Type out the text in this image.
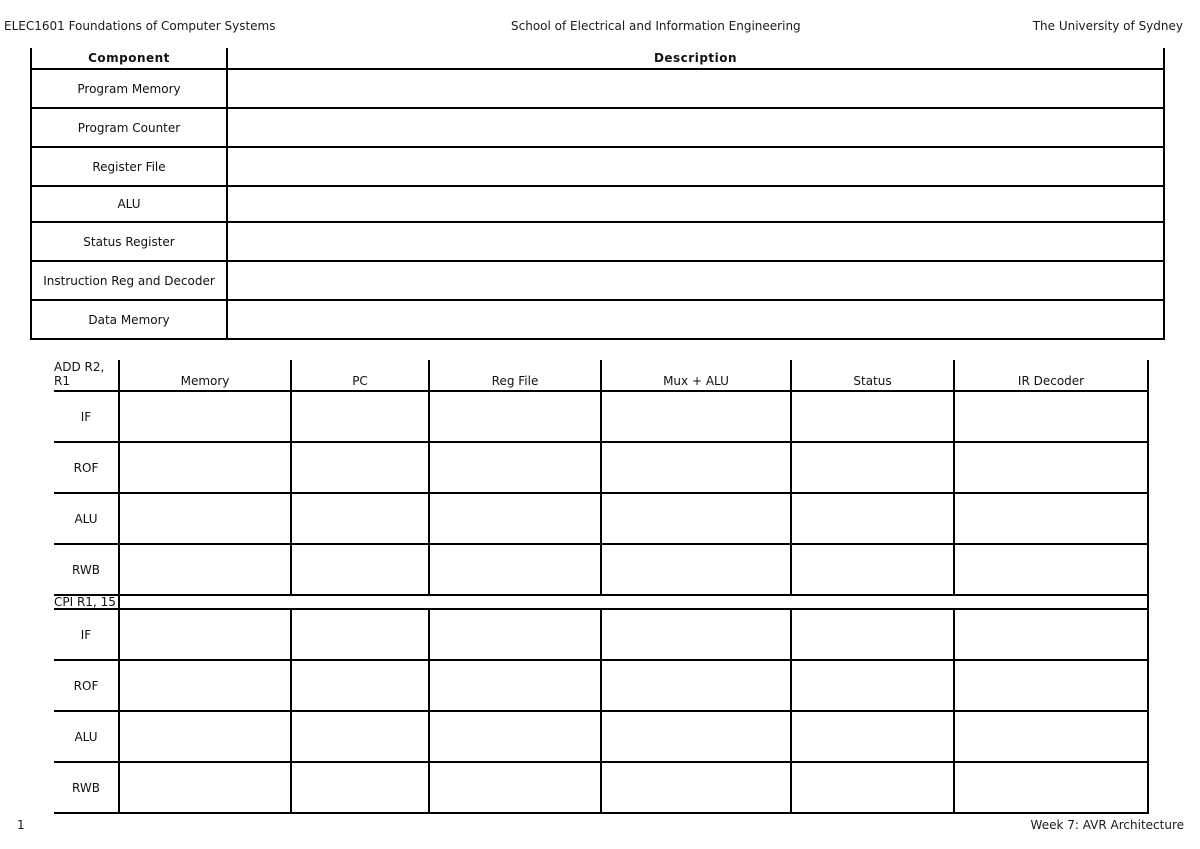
ELEC1601 Foundations of Computer Systems	School of Electrical and Information Engineering	The University of Sydney
Component	Description
Program Memory	
Program Counter	
Register File	
ALU	
Status Register	
Instruction Reg and Decoder	
Data Memory	
ADD R2, R1	Memory	PC	Reg File	Mux + ALU	Status	IR Decoder
IF						
ROF						
ALU						
RWB						
CPI R1, 15						
IF						
ROF						
ALU						
RWB						
1	Week 7: AVR Architecture
